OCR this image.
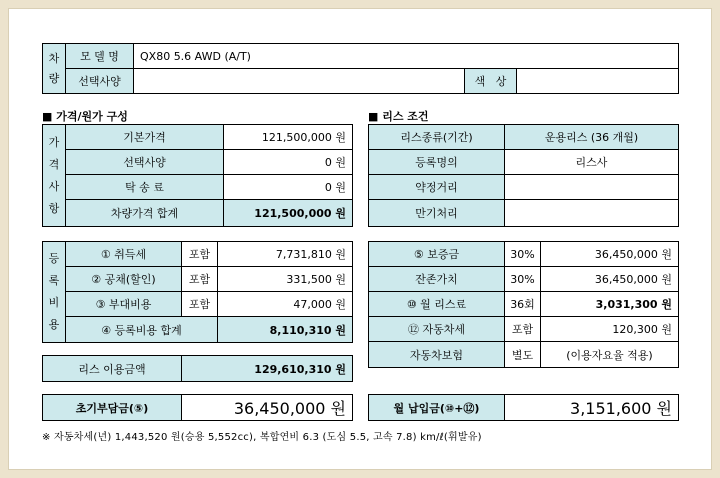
차
량
모 델 명	QX80 5.6 AWD (A/T)
선택사양	색   상
■ 가격/원가 구성	■ 리스 조건
가
격
사
항
기본가격	121,500,000 원
선택사양	0 원
탁 송 료	0 원
차량가격 합계	121,500,000 원
리스종류(기간)	운용리스 (36 개월)
등록명의	리스사
약정거리
만기처리
등
록
비
용
① 취득세	포함	7,731,810 원
② 공채(할인)	포함	331,500 원
③ 부대비용	포함	47,000 원
④ 등록비용 합계	8,110,310 원
⑤ 보증금	30%	36,450,000 원
잔존가치	30%	36,450,000 원
⑩ 월 리스료	36회	3,031,300 원
⑫ 자동차세	포함	120,300 원
자동차보험	별도	(이용자요율 적용)
리스 이용금액	129,610,310 원
초기부담금(⑤)	36,450,000 원	월 납입금(⑩+⑫)	3,151,600 원
※ 자동차세(년) 1,443,520 원(승용 5,552cc), 복합연비 6.3 (도심 5.5, 고속 7.8) km/ℓ(휘발유)
